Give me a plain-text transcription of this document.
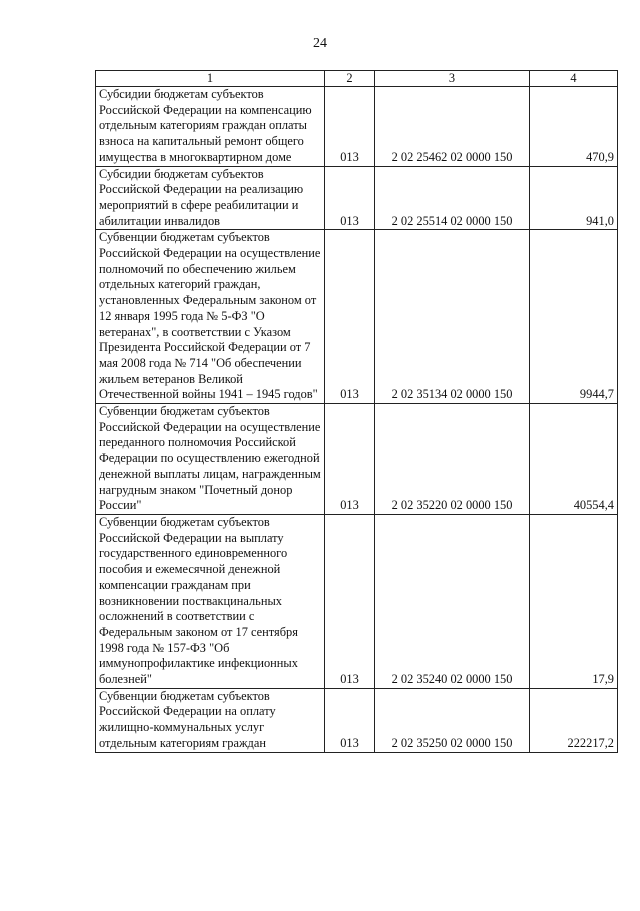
24
1	2	3	4
Субсидии бюджетам субъектов Российской Федерации на компенсацию отдельным категориям граждан оплаты взноса на капитальный ремонт общего имущества в многоквартирном доме	013	2 02 25462 02 0000 150	470,9
Субсидии бюджетам субъектов Российской Федерации на реализацию мероприятий в сфере реабилитации и абилитации инвалидов	013	2 02 25514 02 0000 150	941,0
Субвенции бюджетам субъектов Российской Федерации на осуществление полномочий по обеспечению жильем отдельных категорий граждан, установленных Федеральным законом от 12 января 1995 года № 5-ФЗ "О ветеранах", в соответствии с Указом Президента Российской Федерации от 7 мая 2008 года № 714 "Об обеспечении жильем ветеранов Великой Отечественной войны 1941 – 1945 годов"	013	2 02 35134 02 0000 150	9944,7
Субвенции бюджетам субъектов Российской Федерации на осуществление переданного полномочия Российской Федерации по осуществлению ежегодной денежной выплаты лицам, награжденным нагрудным знаком "Почетный донор России"	013	2 02 35220 02 0000 150	40554,4
Субвенции бюджетам субъектов Российской Федерации на выплату государственного единовременного пособия и ежемесячной денежной компенсации гражданам при возникновении поствакцинальных осложнений в соответствии с Федеральным законом от 17 сентября 1998 года № 157-ФЗ "Об иммунопрофилактике инфекционных болезней"	013	2 02 35240 02 0000 150	17,9
Субвенции бюджетам субъектов Российской Федерации на оплату жилищно-коммунальных услуг отдельным категориям граждан	013	2 02 35250 02 0000 150	222217,2
